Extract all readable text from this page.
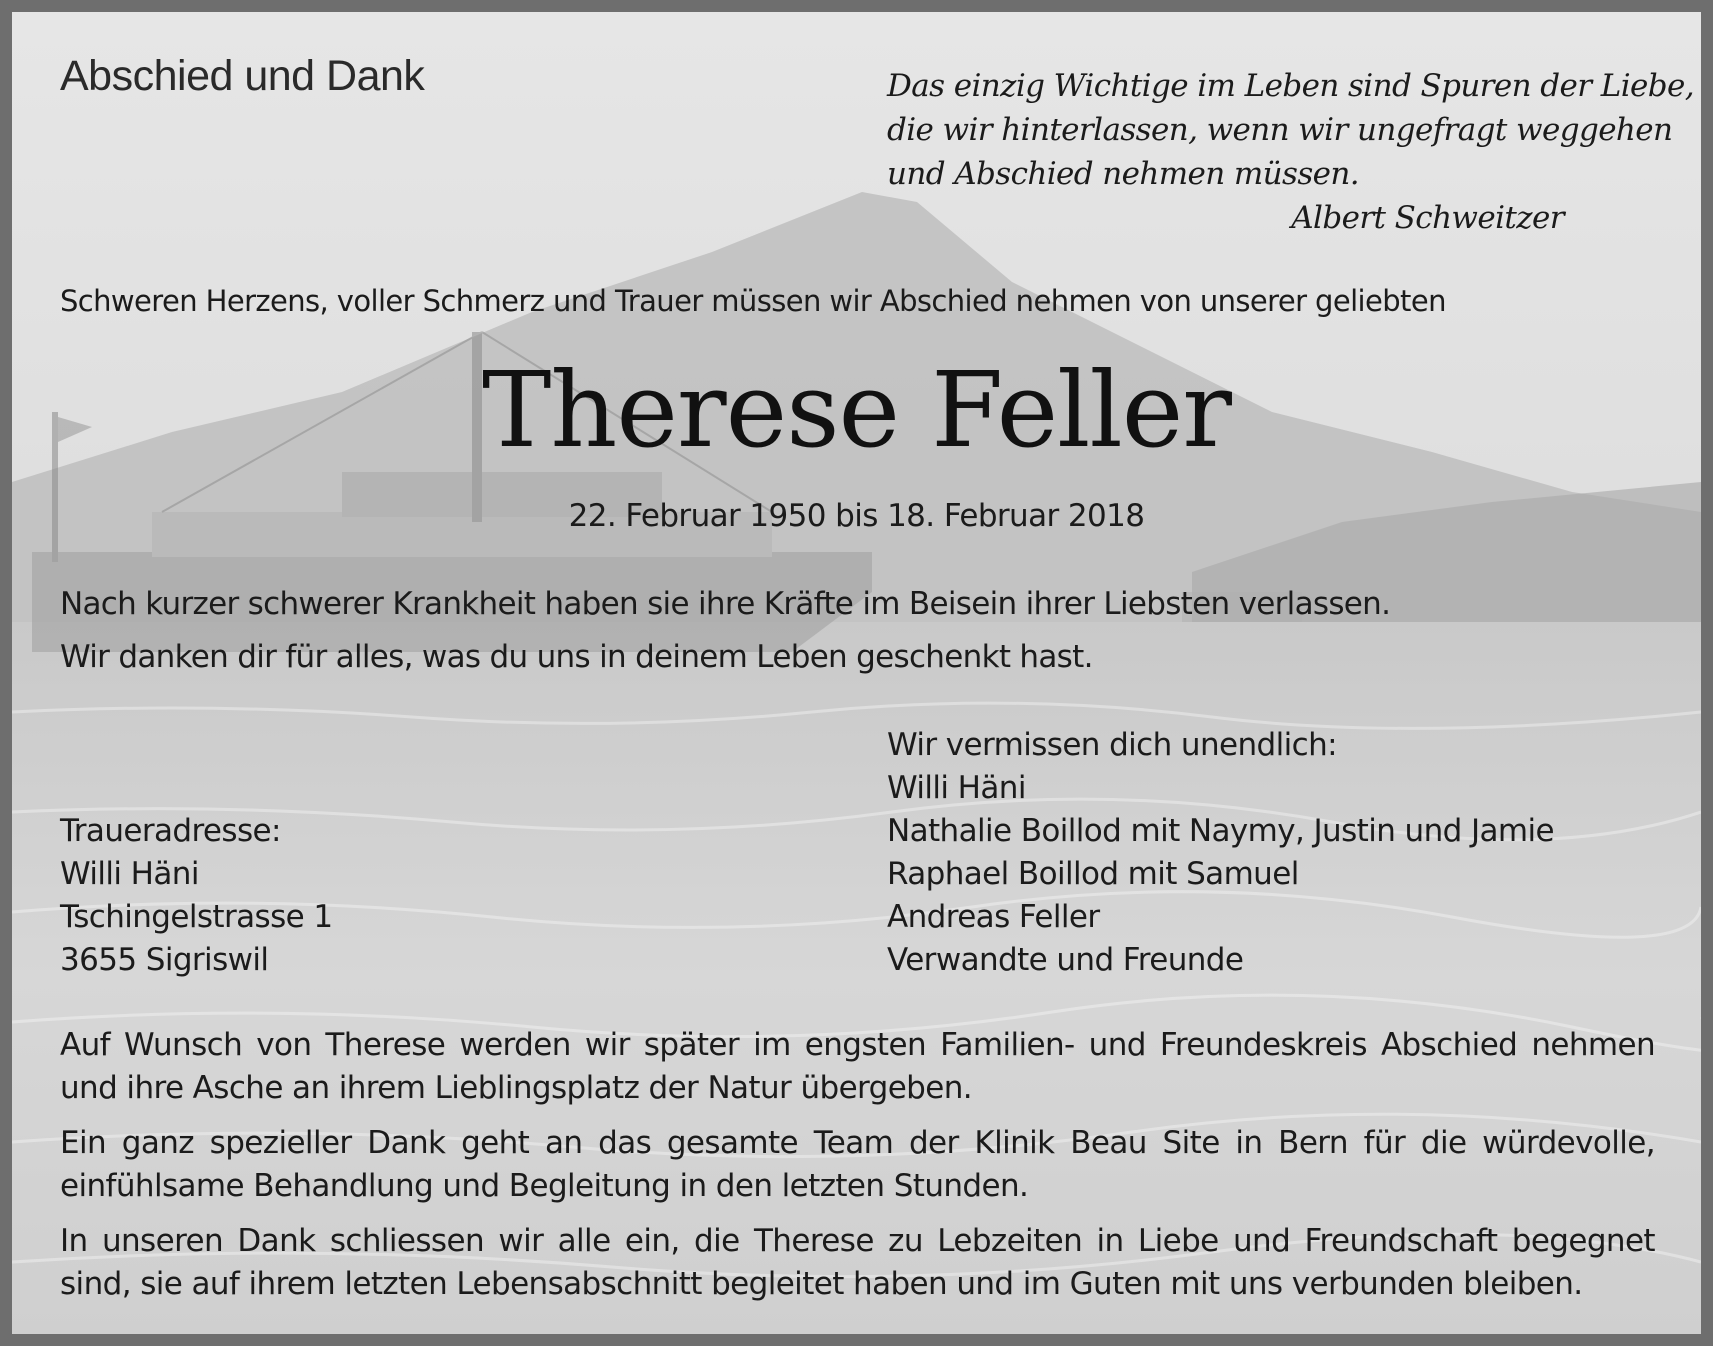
Abschied und Dank	Das einzig Wichtige im Leben sind Spuren der Liebe,
die wir hinterlassen, wenn wir ungefragt weggehen
und Abschied nehmen müssen.
Albert Schweitzer
Schweren Herzens, voller Schmerz und Trauer müssen wir Abschied nehmen von unserer geliebten
Therese Feller
22. Februar 1950 bis 18. Februar 2018
Nach kurzer schwerer Krankheit haben sie ihre Kräfte im Beisein ihrer Liebsten verlassen.
Wir danken dir für alles, was du uns in deinem Leben geschenkt hast.
Wir vermissen dich unendlich:
Willi Häni
Nathalie Boillod mit Naymy, Justin und Jamie
Raphael Boillod mit Samuel
Andreas Feller
Verwandte und Freunde
Traueradresse:
Willi Häni
Tschingelstrasse 1
3655 Sigriswil

Auf Wunsch von Therese werden wir später im engsten Familien- und Freundeskreis Abschied nehmen und ihre Asche an ihrem Lieblingsplatz der Natur übergeben.

Ein ganz spezieller Dank geht an das gesamte Team der Klinik Beau Site in Bern für die würdevolle, einfühlsame Behandlung und Begleitung in den letzten Stunden.

In unseren Dank schliessen wir alle ein, die Therese zu Lebzeiten in Liebe und Freundschaft begegnet sind, sie auf ihrem letzten Lebensabschnitt begleitet haben und im Guten mit uns verbunden bleiben.
